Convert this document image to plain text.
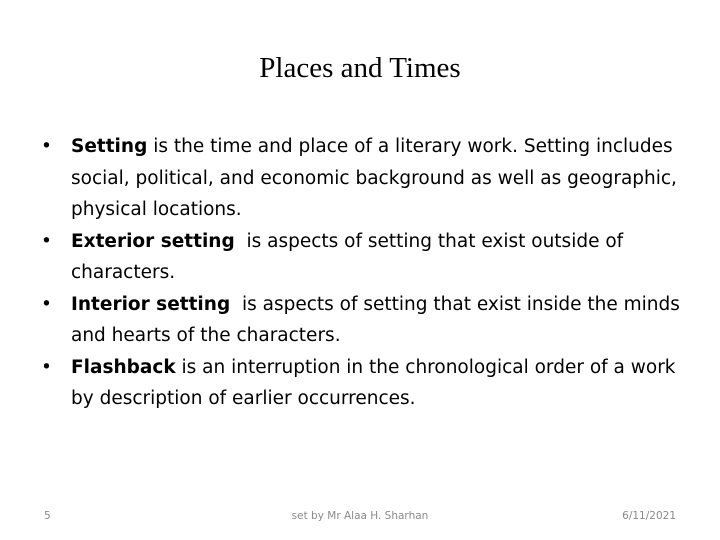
Places and Times
•	Setting is the time and place of a literary work. Setting includes social, political, and economic background as well as geographic, physical locations.
•	Exterior setting  is aspects of setting that exist outside of characters.
•	Interior setting  is aspects of setting that exist inside the minds and hearts of the characters.
•	Flashback is an interruption in the chronological order of a work by description of earlier occurrences.
5	set by Mr Alaa H. Sharhan	6/11/2021
